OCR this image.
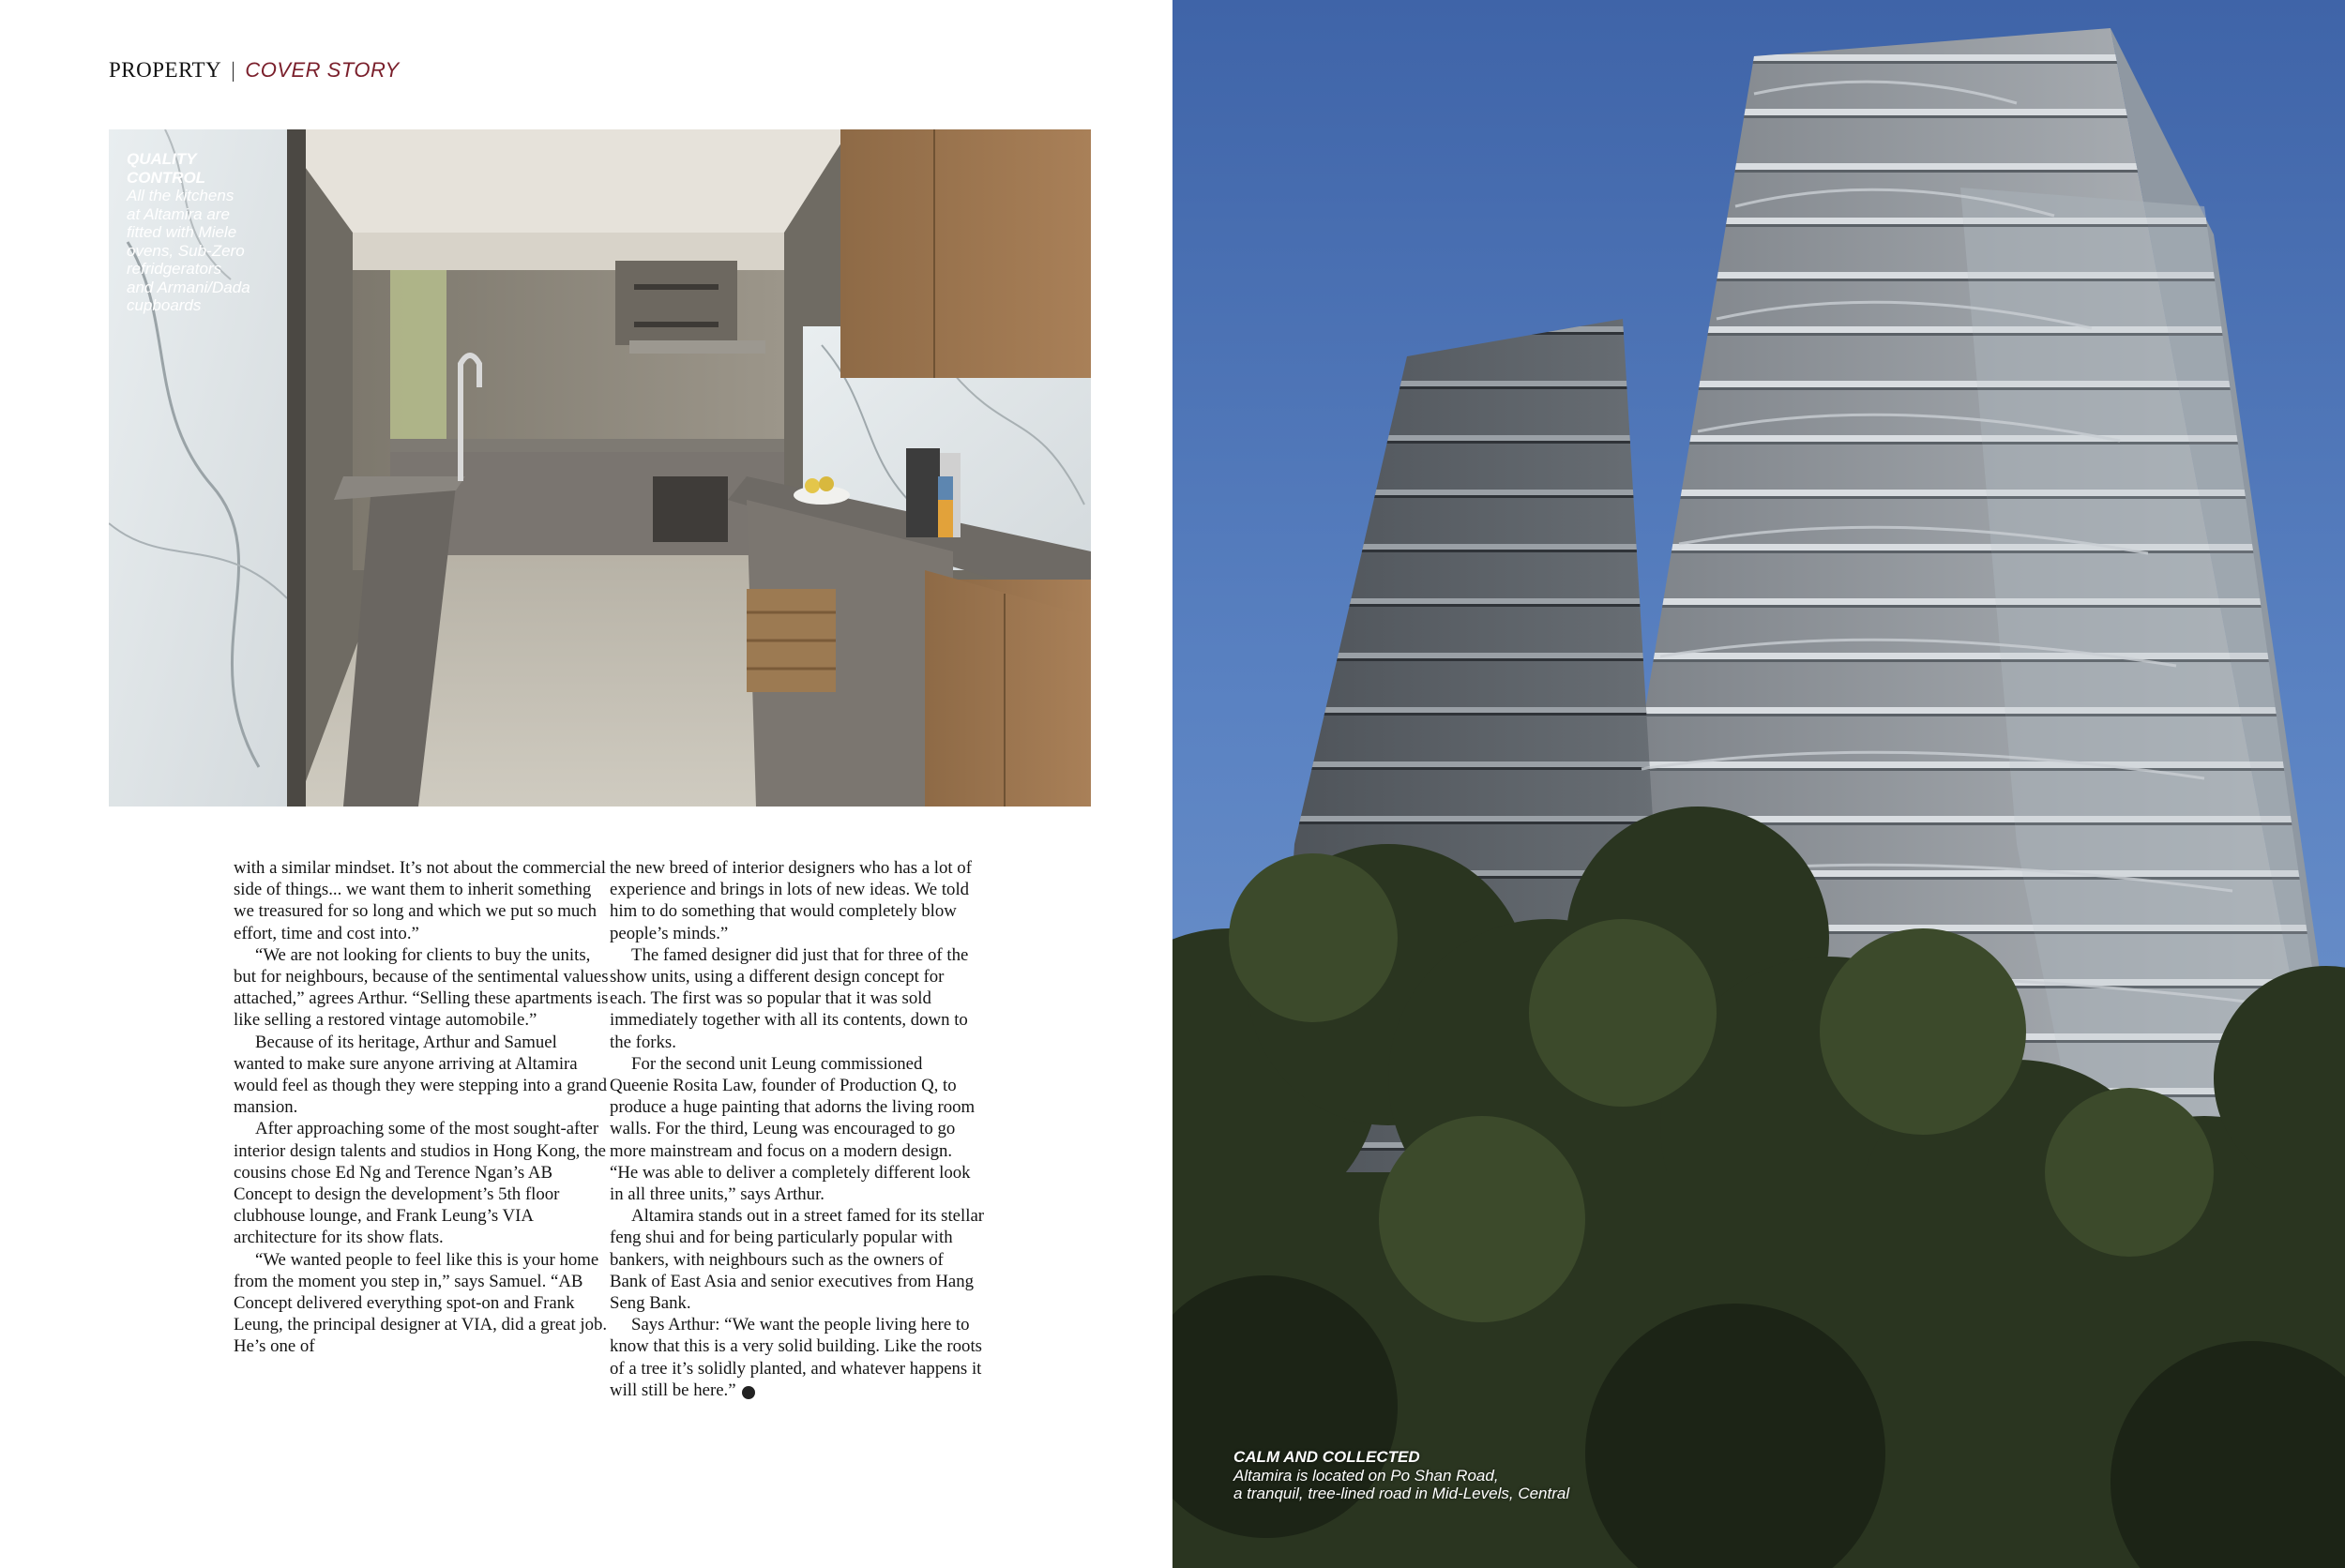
PROPERTY | COVER STORY
QUALITY CONTROL
All the kitchens
at Altamira are
fitted with Miele
ovens, Sub-Zero
refridgerators
and Armani/Dada
cupboards

with a similar mindset. It’s not about the commercial side of things... we want them to inherit something we treasured for so long and which we put so much effort, time and cost into.”

“We are not looking for clients to buy the units, but for neighbours, because of the sentimental values attached,” agrees Arthur. “Selling these apartments is like selling a restored vintage automobile.”

Because of its heritage, Arthur and Samuel wanted to make sure anyone arriving at Altamira would feel as though they were stepping into a grand mansion.

After approaching some of the most sought-after interior design talents and studios in Hong Kong, the cousins chose Ed Ng and Terence Ngan’s AB Concept to design the development’s 5th floor clubhouse lounge, and Frank Leung’s VIA architecture for its show flats.

“We wanted people to feel like this is your home from the moment you step in,” says Samuel. “AB Concept delivered everything spot-on and Frank Leung, the principal designer at VIA, did a great job. He’s one of

the new breed of interior designers who has a lot of experience and brings in lots of new ideas. We told him to do something that would completely blow people’s minds.”

The famed designer did just that for three of the show units, using a different design concept for each. The first was so popular that it was sold immediately together with all its contents, down to the forks.

For the second unit Leung commissioned Queenie Rosita Law, founder of Production Q, to produce a huge painting that adorns the living room walls. For the third, Leung was encouraged to go more mainstream and focus on a modern design. “He was able to deliver a completely different look in all three units,” says Arthur.

Altamira stands out in a street famed for its stellar feng shui and for being particularly popular with bankers, with neighbours such as the owners of Bank of East Asia and senior executives from Hang Seng Bank.

Says Arthur: “We want the people living here to know that this is a very solid building. Like the roots of a tree it’s solidly planted, and whatever happens it will still be here.”	i

CALM AND COLLECTED
Altamira is located on Po Shan Road,
a tranquil, tree-lined road in Mid-Levels, Central
